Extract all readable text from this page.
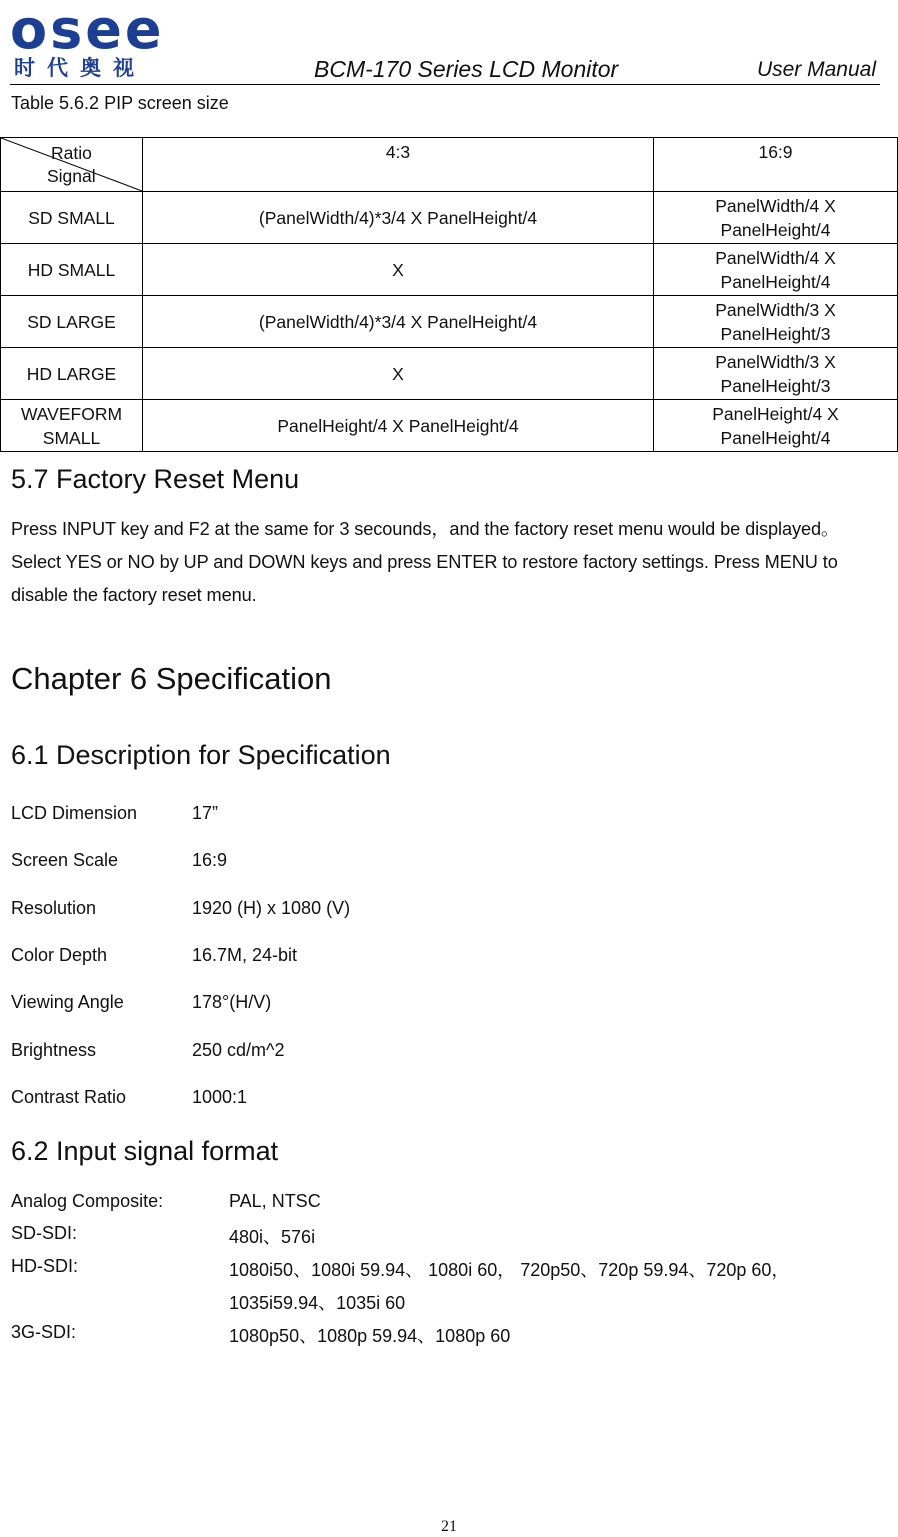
osee
时代奥视	BCM-170 Series LCD Monitor	User Manual
Table 5.6.2 PIP screen size
Ratio
Signal	4:3	16:9
SD SMALL	(PanelWidth/4)*3/4 X PanelHeight/4	PanelWidth/4 X
PanelHeight/4
HD SMALL	X	PanelWidth/4 X
PanelHeight/4
SD LARGE	(PanelWidth/4)*3/4 X PanelHeight/4	PanelWidth/3 X
PanelHeight/3
HD LARGE	X	PanelWidth/3 X
PanelHeight/3
WAVEFORM
SMALL	PanelHeight/4 X PanelHeight/4	PanelHeight/4 X
PanelHeight/4
5.7 Factory Reset Menu
Press INPUT key and F2 at the same for 3 secounds，and the factory reset menu would be displayed。Select YES or NO by UP and DOWN keys and press ENTER to restore factory settings. Press MENU to disable the factory reset menu.
Chapter 6 Specification
6.1 Description for Specification
LCD Dimension	17”
Screen Scale	16:9
Resolution	1920 (H) x 1080 (V)
Color Depth	16.7M, 24-bit
Viewing Angle	178°(H/V)
Brightness	250 cd/m^2
Contrast Ratio	1000:1
6.2 Input signal format
Analog Composite:	PAL, NTSC
SD-SDI:	480i、576i
HD-SDI:	1080i50、1080i 59.94、 1080i 60， 720p50、720p 59.94、720p 60，
1035i59.94、1035i 60
3G-SDI:	1080p50、1080p 59.94、1080p 60
21
